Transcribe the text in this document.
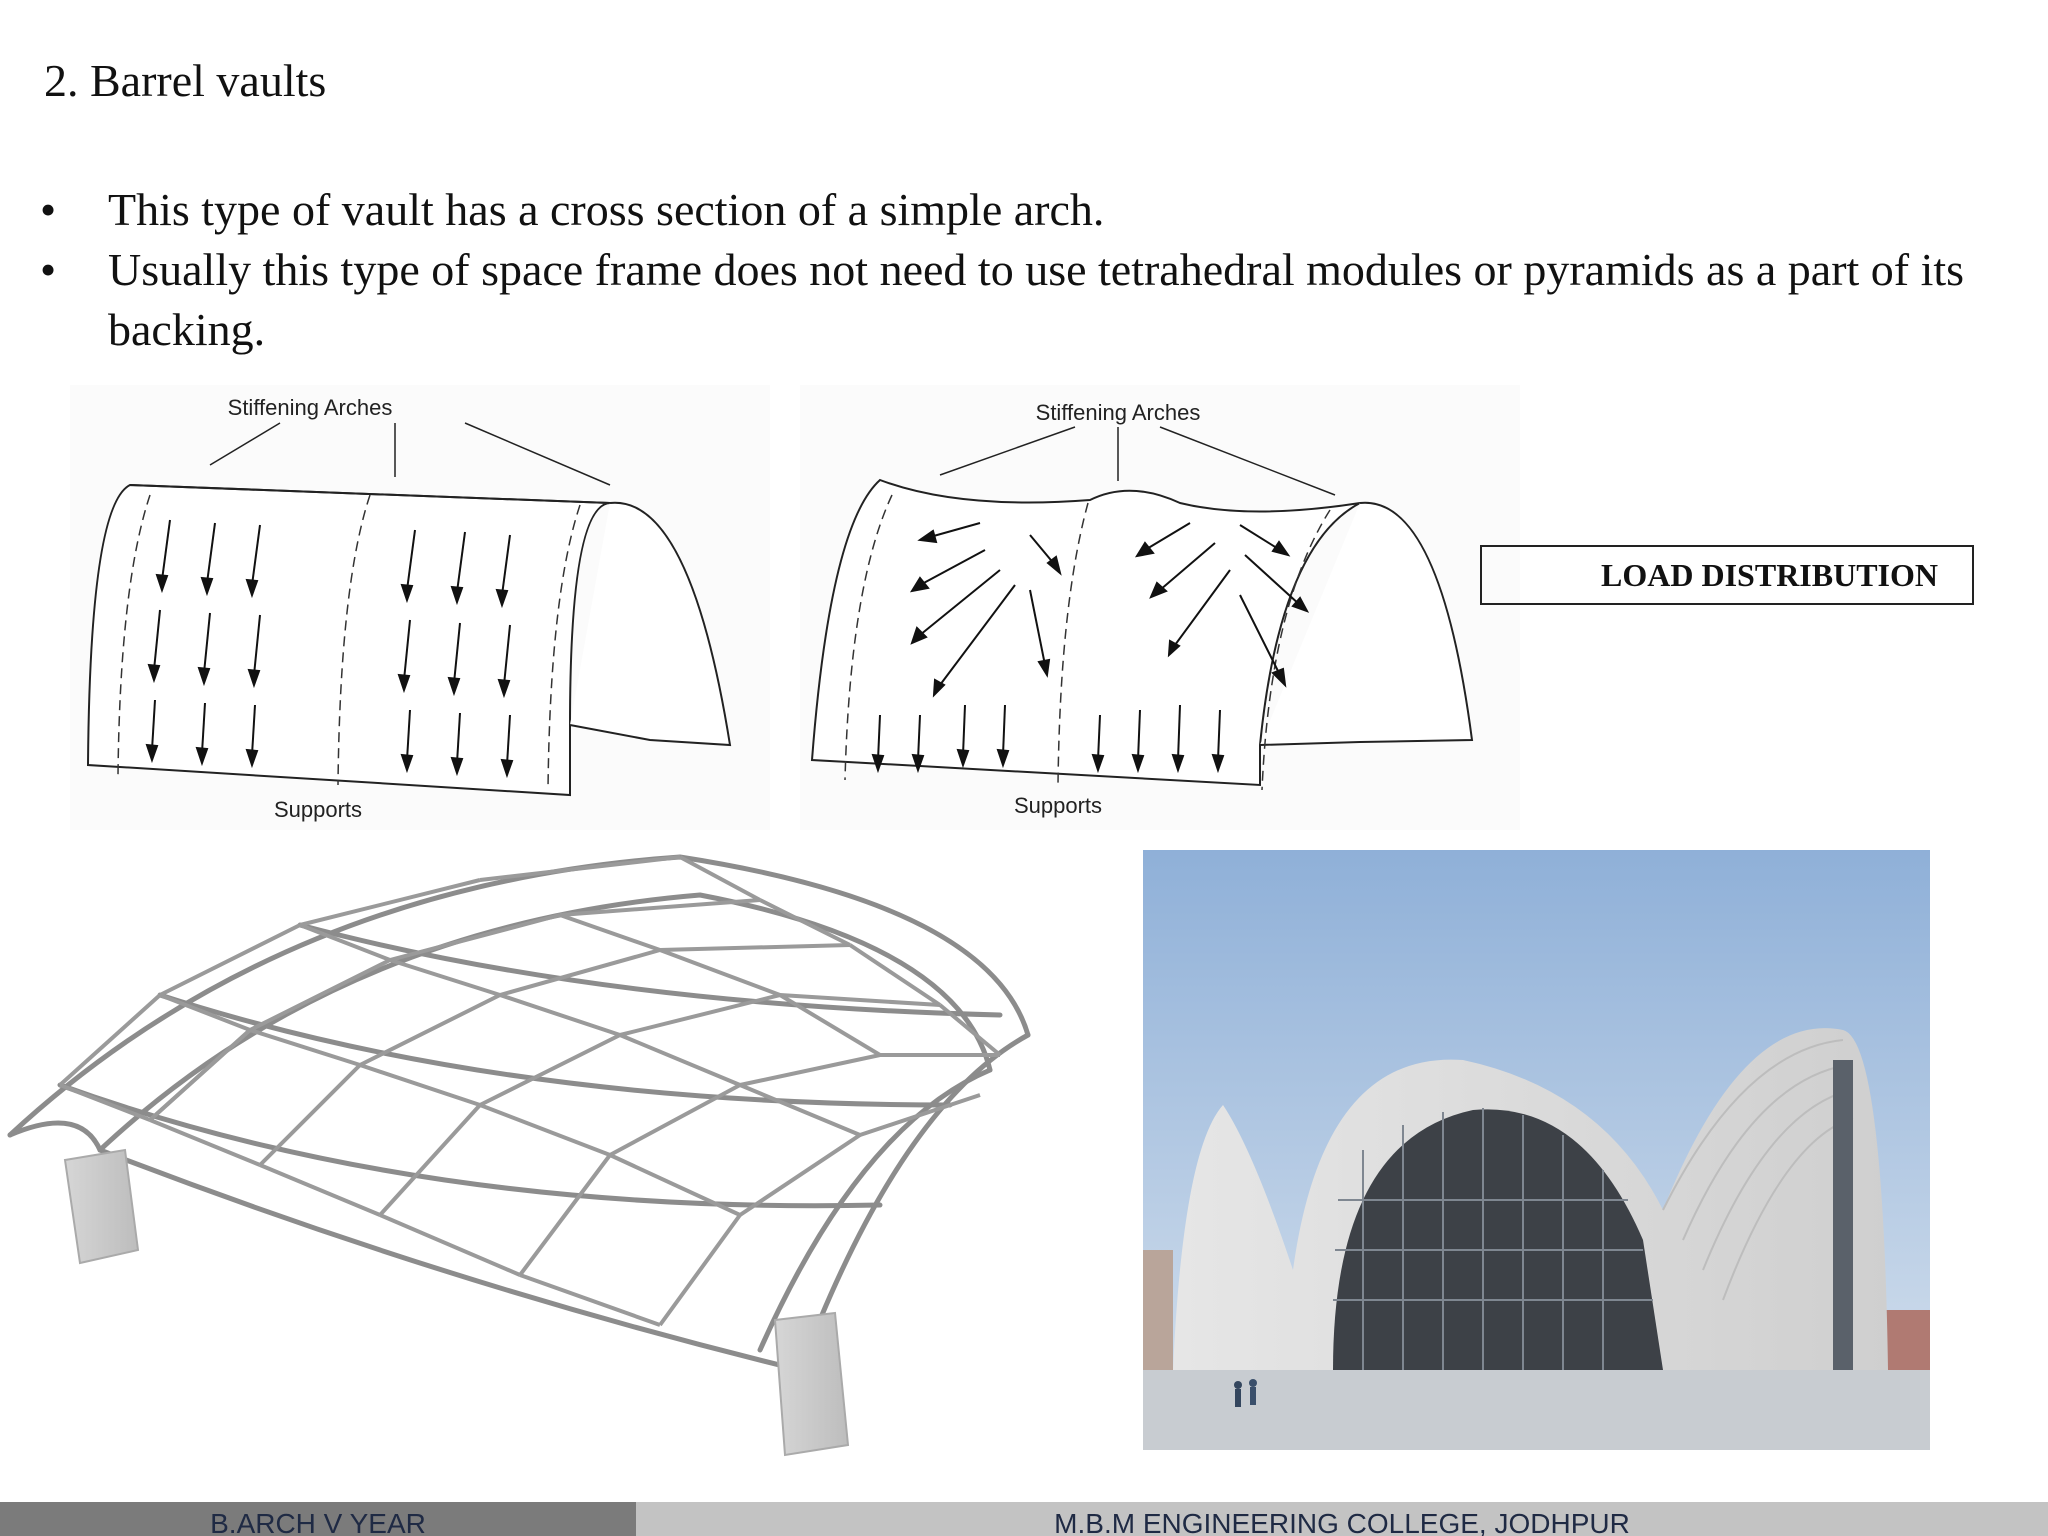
2. Barrel vaults
• This type of vault has a cross section of a simple arch.
• Usually this type of space frame does not need to use tetrahedral modules or pyramids as a part of its backing.
Stiffening Arches
Supports
Stiffening Arches
Supports
LOAD DISTRIBUTION
B.ARCH V YEAR	M.B.M ENGINEERING COLLEGE, JODHPUR
